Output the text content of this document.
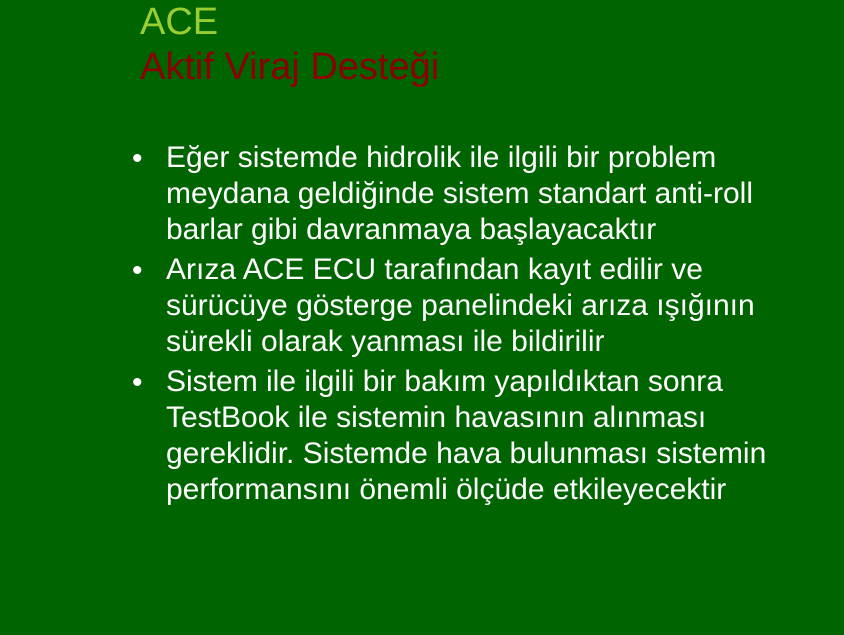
ACE
Aktif Viraj Desteği
• Eğer sistemde hidrolik ile ilgili bir problem meydana geldiğinde sistem standart anti-roll barlar gibi davranmaya başlayacaktır
• Arıza ACE ECU tarafından kayıt edilir ve sürücüye gösterge panelindeki arıza ışığının sürekli olarak yanması ile bildirilir
• Sistem ile ilgili bir bakım yapıldıktan sonra TestBook ile sistemin havasının alınması gereklidir. Sistemde hava bulunması sistemin performansını önemli ölçüde etkileyecektir
